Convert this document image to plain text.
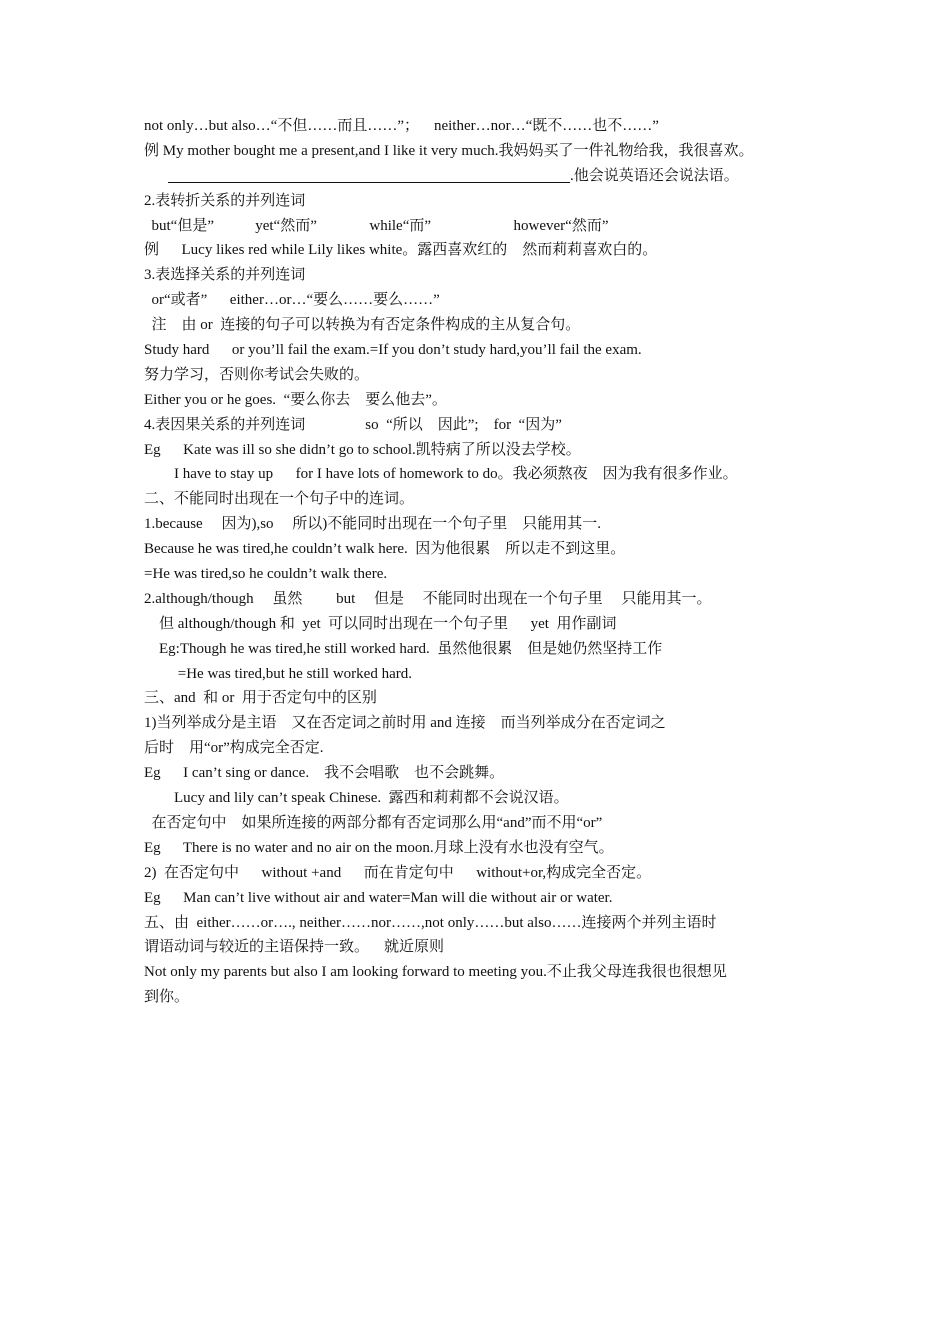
not only…but also…“不但……而且……”；    neither…nor…“既不……也不……”
例 My mother bought me a present,and I like it very much.我妈妈买了一件礼物给我，我很喜欢。
.他会说英语还会说法语。
2.表转折关系的并列连词
but“但是”           yet“然而”              while“而”                      however“然而”
例      Lucy likes red while Lily likes white。露西喜欢红的    然而莉莉喜欢白的。
3.表选择关系的并列连词
or“或者”      either…or…“要么……要么……”
注    由 or  连接的句子可以转换为有否定条件构成的主从复合句。
Study hard      or you’ll fail the exam.=If you don’t study hard,you’ll fail the exam.
努力学习，否则你考试会失败的。
Either you or he goes.  “要么你去    要么他去”。
4.表因果关系的并列连词                so  “所以    因此”;    for  “因为”
Eg      Kate was ill so she didn’t go to school.凯特病了所以没去学校。
I have to stay up      for I have lots of homework to do。我必须熬夜    因为我有很多作业。
二、不能同时出现在一个句子中的连词。
1.because     因为),so     所以)不能同时出现在一个句子里    只能用其一.
Because he was tired,he couldn’t walk here.  因为他很累    所以走不到这里。
=He was tired,so he couldn’t walk there.
2.although/though     虽然         but     但是     不能同时出现在一个句子里     只能用其一。
但 although/though 和  yet  可以同时出现在一个句子里      yet  用作副词
Eg:Though he was tired,he still worked hard.  虽然他很累    但是她仍然坚持工作
=He was tired,but he still worked hard.
三、and  和 or  用于否定句中的区别
1)当列举成分是主语    又在否定词之前时用 and 连接    而当列举成分在否定词之
后时    用“or”构成完全否定.
Eg      I can’t sing or dance.    我不会唱歌    也不会跳舞。
Lucy and lily can’t speak Chinese.  露西和莉莉都不会说汉语。
在否定句中    如果所连接的两部分都有否定词那么用“and”而不用“or”
Eg      There is no water and no air on the moon.月球上没有水也没有空气。
2)  在否定句中      without +and      而在肯定句中      without+or,构成完全否定。
Eg      Man can’t live without air and water=Man will die without air or water.
五、由  either……or…., neither……nor……,not only……but also……连接两个并列主语时
谓语动词与较近的主语保持一致。    就近原则
Not only my parents but also I am looking forward to meeting you.不止我父母连我很也很想见
到你。
